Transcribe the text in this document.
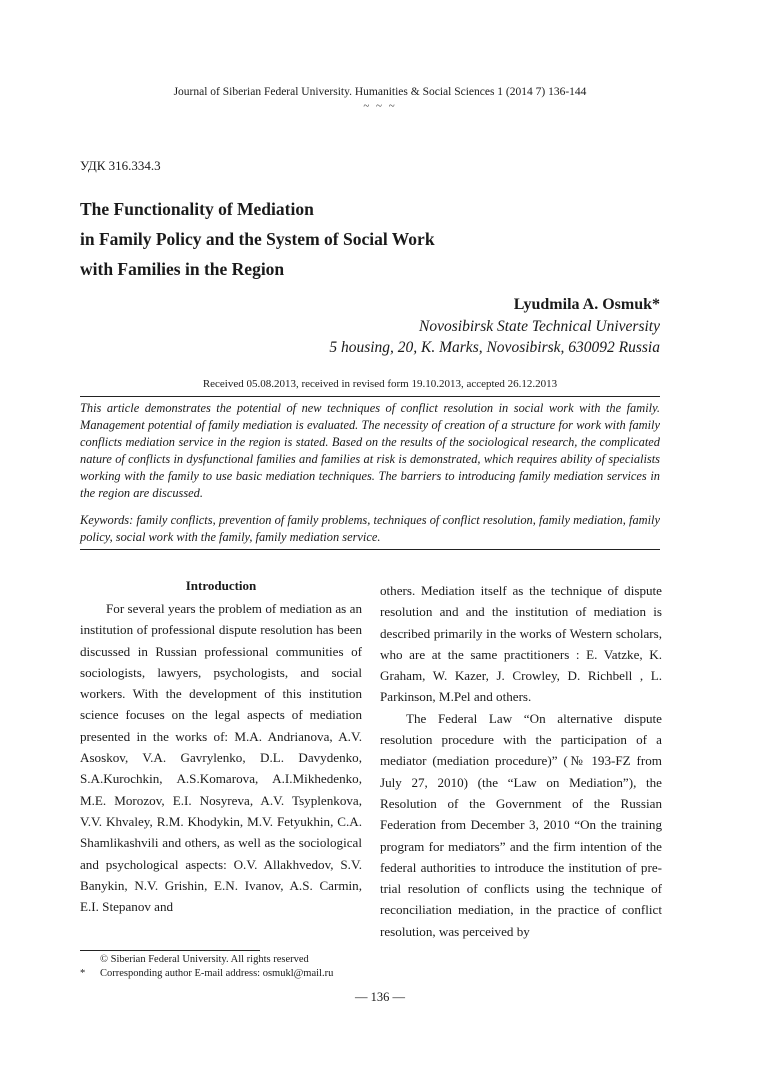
Journal of Siberian Federal University. Humanities & Social Sciences 1 (2014 7) 136-144
~ ~ ~
УДК 316.334.3
The Functionality of Mediation
in Family Policy and the System of Social Work
with Families in the Region
Lyudmila A. Osmuk*
Novosibirsk State Technical University
5 housing, 20, K. Marks, Novosibirsk, 630092 Russia
Received 05.08.2013, received in revised form 19.10.2013, accepted 26.12.2013

This article demonstrates the potential of new techniques of conflict resolution in social work with the family. Management potential of family mediation is evaluated. The necessity of creation of a structure for work with family conflicts mediation service in the region is stated. Based on the results of the sociological research, the complicated nature of conflicts in dysfunctional families and families at risk is demonstrated, which requires ability of specialists working with the family to use basic mediation techniques. The barriers to introducing family mediation services in the region are discussed.

Keywords: family conflicts, prevention of family problems, techniques of conflict resolution, family mediation, family policy, social work with the family, family mediation service.

Introduction

For several years the problem of mediation as an institution of professional dispute resolution has been discussed in Russian professional communities of sociologists, lawyers, psychologists, and social workers. With the development of this institution science focuses on the legal aspects of mediation presented in the works of: M.A. Andrianova, A.V. Asoskov, V.A. Gavrylenko, D.L. Davydenko, S.A.Kurochkin, A.S.Komarova, A.I.Mikhedenko, M.E. Morozov, E.I. Nosyreva, A.V. Tsyplenkova, V.V. Khvaley, R.M. Khodykin, M.V. Fetyukhin, C.A. Shamlikashvili and others, as well as the sociological and psychological aspects: O.V. Allakhvedov, S.V. Banykin, N.V. Grishin, E.N. Ivanov, A.S. Carmin, E.I. Stepanov and

others. Mediation itself as the technique of dispute resolution and and the institution of mediation is described primarily in the works of Western scholars, who are at the same practitioners : E. Vatzke, K. Graham, W. Kazer, J. Crowley, D. Richbell , L. Parkinson, M.Pel and others.

The Federal Law “On alternative dispute resolution procedure with the participation of a mediator (mediation procedure)” (№ 193-FZ from July 27, 2010) (the “Law on Mediation”), the Resolution of the Government of the Russian Federation from December 3, 2010 “On the training program for mediators” and the firm intention of the federal authorities to introduce the institution of pre-trial resolution of conflicts using the technique of reconciliation mediation, in the practice of conflict resolution, was perceived by

© Siberian Federal University. All rights reserved
* Corresponding author E-mail address: osmukl@mail.ru
— 136 —
